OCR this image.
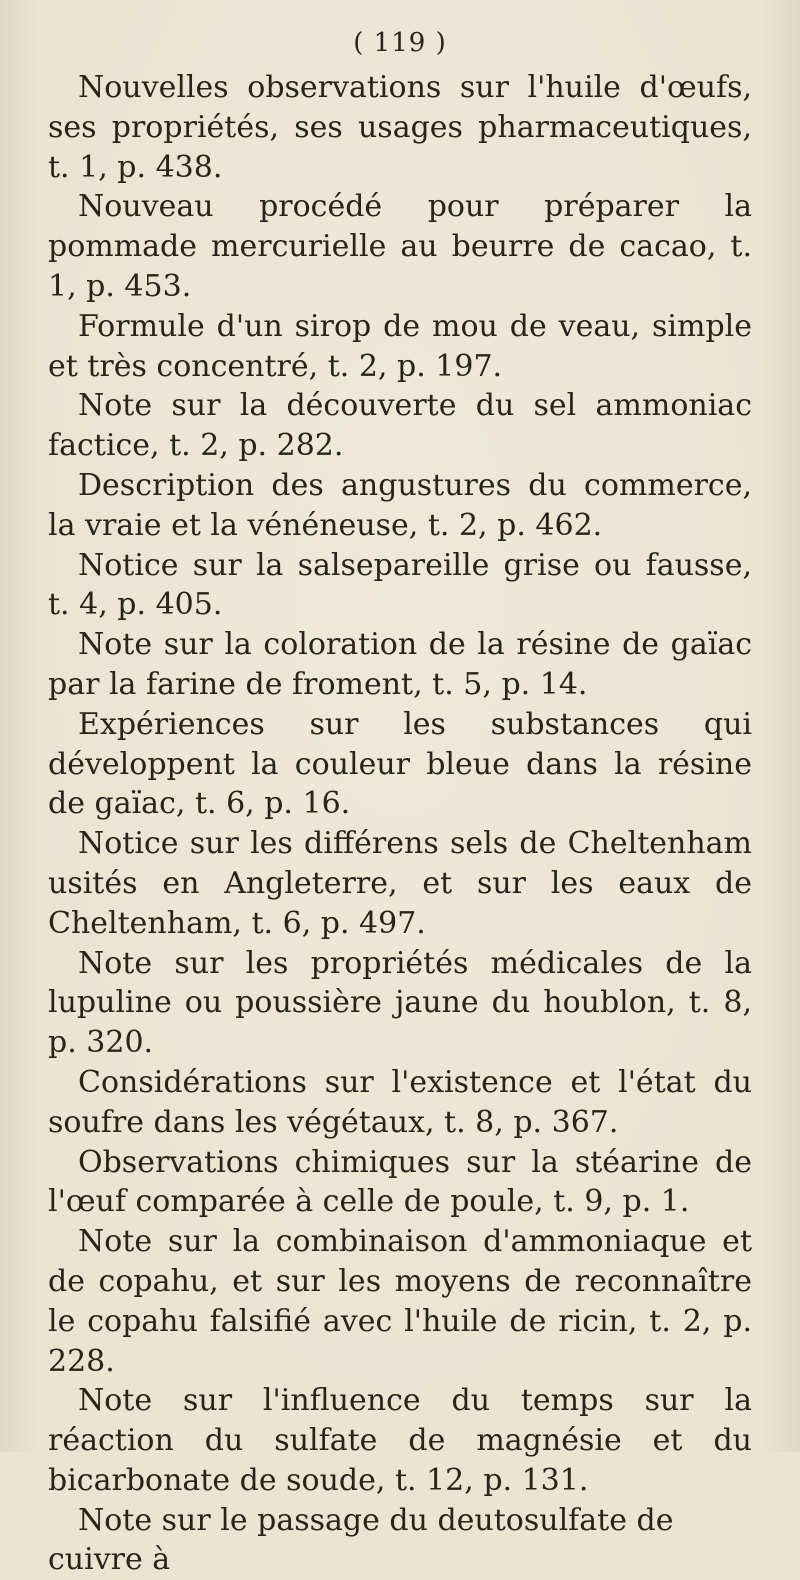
( 119 )

Nouvelles observations sur l'huile d'œufs, ses propriétés, ses usages pharmaceutiques, t. 1, p. 438.

Nouveau procédé pour préparer la pommade mercurielle au beurre de cacao, t. 1, p. 453.

Formule d'un sirop de mou de veau, simple et très concentré, t. 2, p. 197.

Note sur la découverte du sel ammoniac factice, t. 2, p. 282.

Description des angustures du commerce, la vraie et la vénéneuse, t. 2, p. 462.

Notice sur la salsepareille grise ou fausse, t. 4, p. 405.

Note sur la coloration de la résine de gaïac par la farine de froment, t. 5, p. 14.

Expériences sur les substances qui développent la couleur bleue dans la résine de gaïac, t. 6, p. 16.

Notice sur les différens sels de Cheltenham usités en Angleterre, et sur les eaux de Cheltenham, t. 6, p. 497.

Note sur les propriétés médicales de la lupuline ou poussière jaune du houblon, t. 8, p. 320.

Considérations sur l'existence et l'état du soufre dans les végétaux, t. 8, p. 367.

Observations chimiques sur la stéarine de l'œuf comparée à celle de poule, t. 9, p. 1.

Note sur la combinaison d'ammoniaque et de copahu, et sur les moyens de reconnaître le copahu falsifié avec l'huile de ricin, t. 2, p. 228.

Note sur l'influence du temps sur la réaction du sulfate de magnésie et du bicarbonate de soude, t. 12, p. 131.

Note sur le passage du deutosulfate de cuivre à
